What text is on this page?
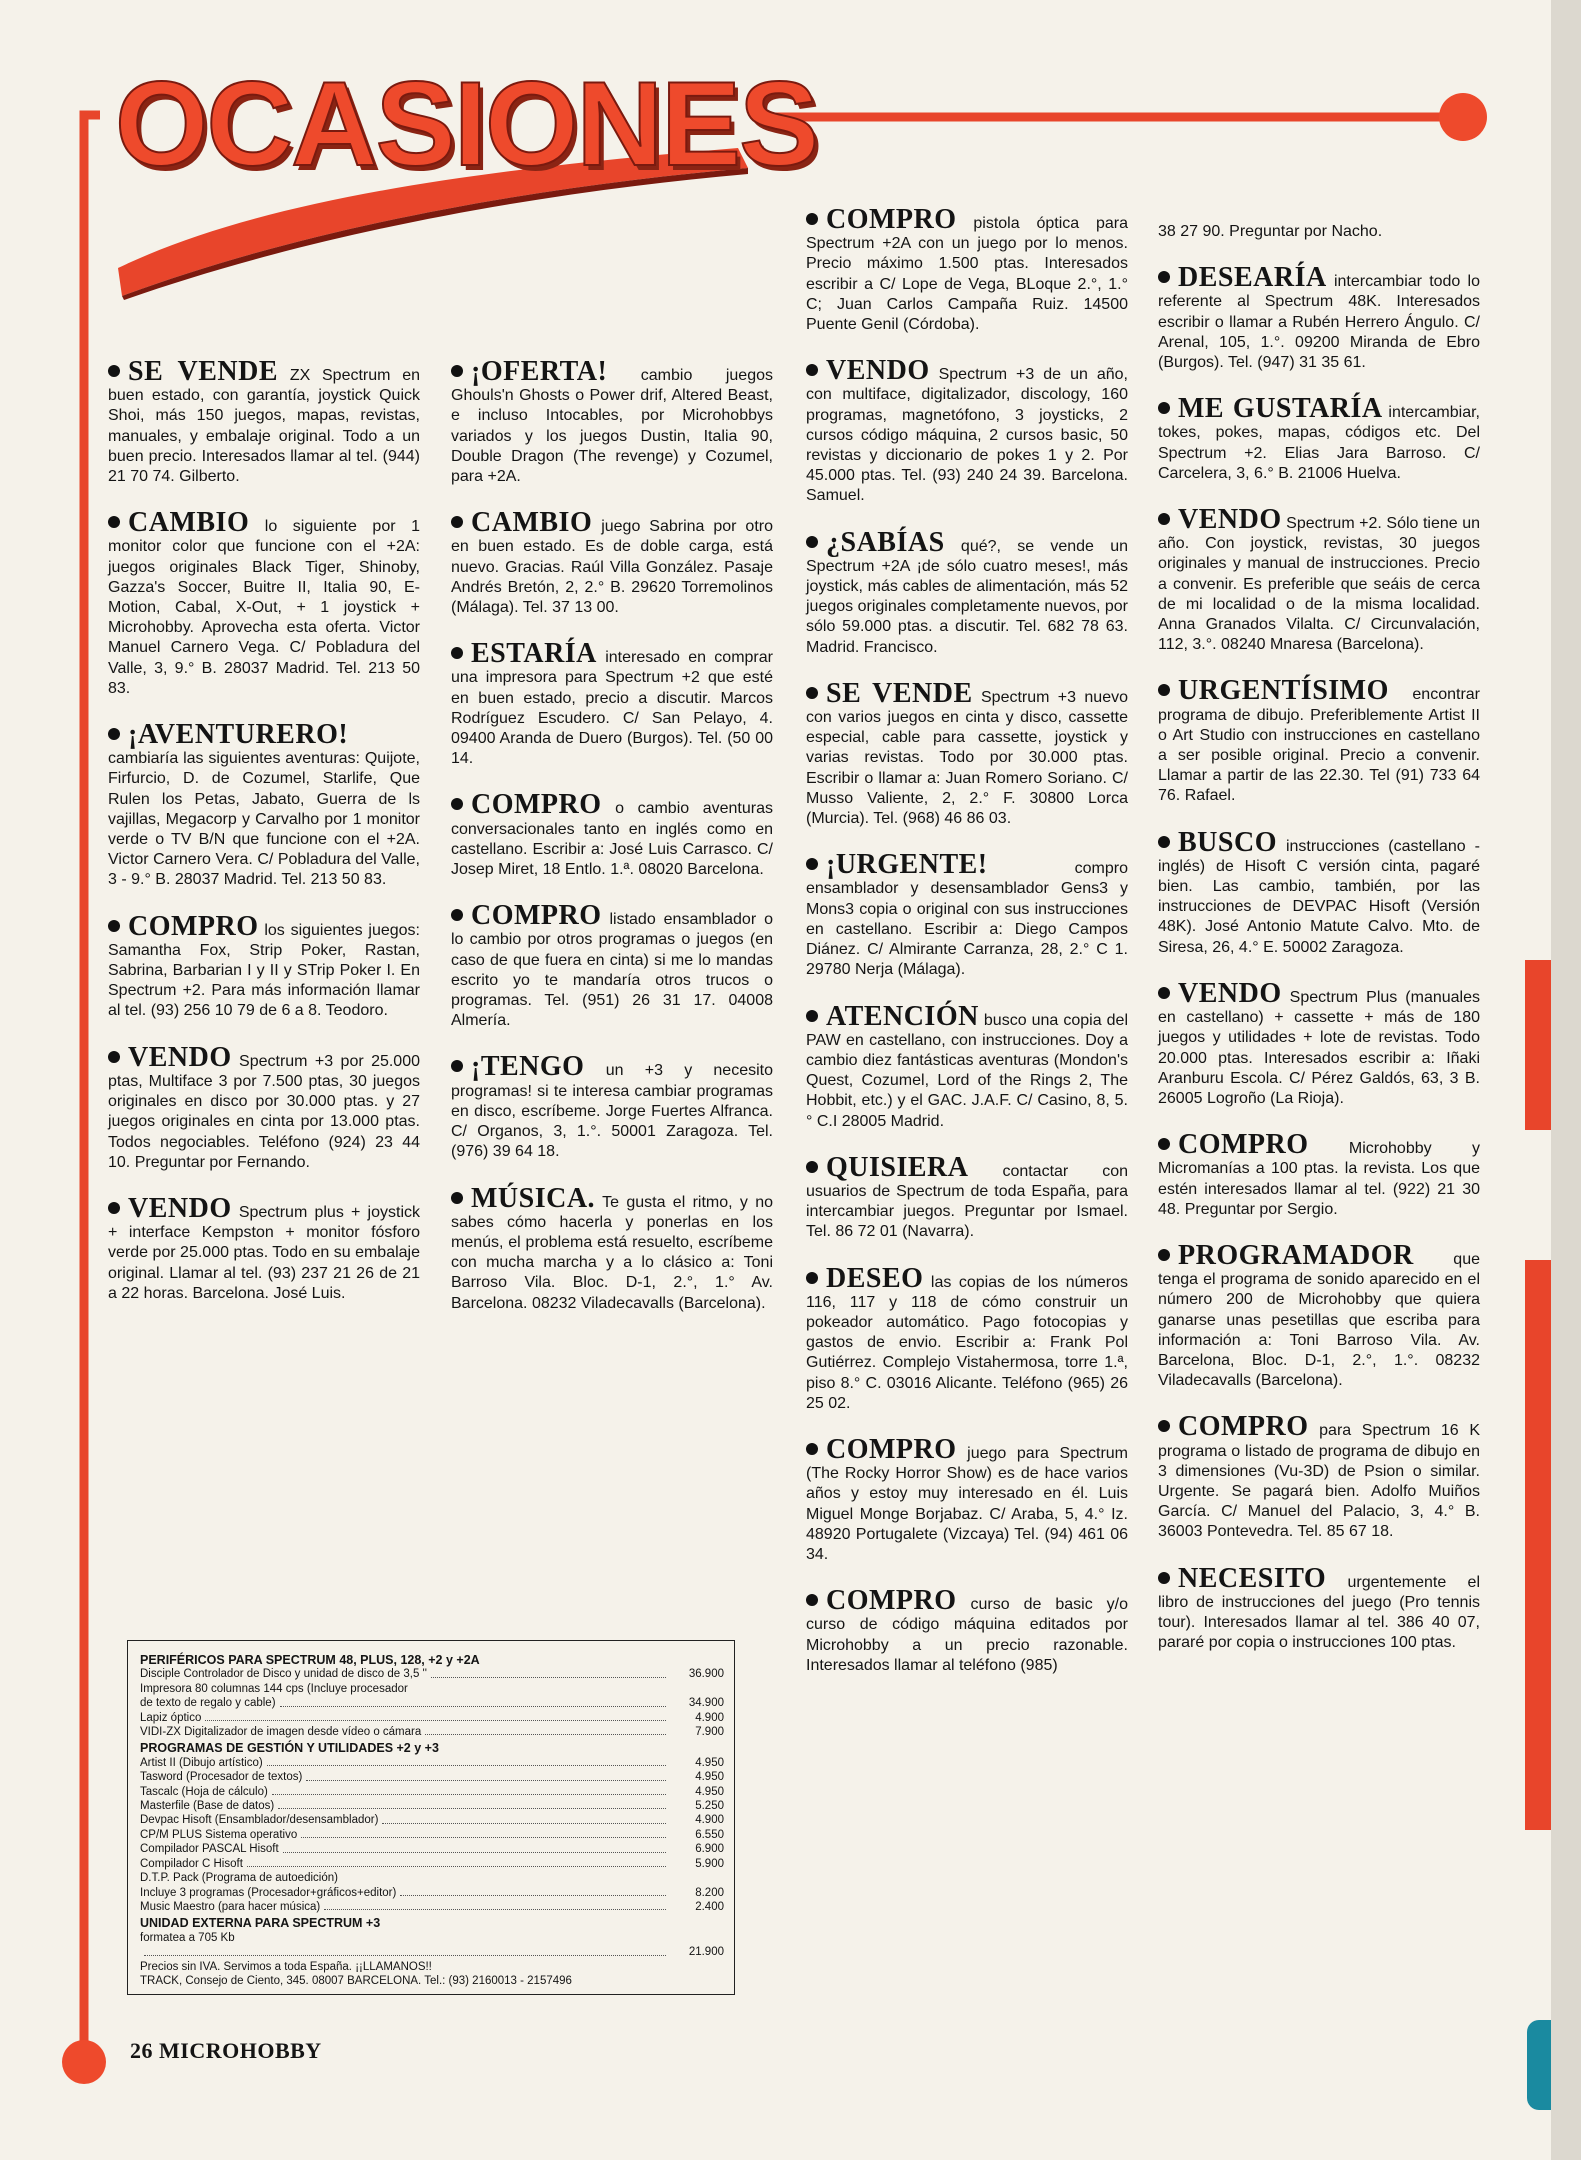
OCASIONES
SE VENDE ZX Spectrum en buen estado, con garantía, joystick Quick Shoi, más 150 juegos, mapas, revistas, manuales, y embalaje original. Todo a un buen precio. Interesados llamar al tel. (944) 21 70 74. Gilberto.
CAMBIO lo siguiente por 1 monitor color que funcione con el +2A: juegos originales Black Tiger, Shinoby, Gazza's Soccer, Buitre II, Italia 90, E-Motion, Cabal, X-Out, + 1 joystick + Microhobby. Aprovecha esta oferta. Victor Manuel Carnero Vega. C/ Pobladura del Valle, 3, 9.° B. 28037 Madrid. Tel. 213 50 83.
¡AVENTURERO! cambiaría las siguientes aventuras: Quijote, Firfurcio, D. de Cozumel, Starlife, Que Rulen los Petas, Jabato, Guerra de ls vajillas, Megacorp y Carvalho por 1 monitor verde o TV B/N que funcione con el +2A. Victor Carnero Vera. C/ Pobladura del Valle, 3 - 9.° B. 28037 Madrid. Tel. 213 50 83.
COMPRO los siguientes juegos: Samantha Fox, Strip Poker, Rastan, Sabrina, Barbarian I y II y STrip Poker I. En Spectrum +2. Para más información llamar al tel. (93) 256 10 79 de 6 a 8. Teodoro.
VENDO Spectrum +3 por 25.000 ptas, Multiface 3 por 7.500 ptas, 30 juegos originales en disco por 30.000 ptas. y 27 juegos originales en cinta por 13.000 ptas. Todos negociables. Teléfono (924) 23 44 10. Preguntar por Fernando.
VENDO Spectrum plus + joystick + interface Kempston + monitor fósforo verde por 25.000 ptas. Todo en su embalaje original. Llamar al tel. (93) 237 21 26 de 21 a 22 horas. Barcelona. José Luis.
¡OFERTA! cambio juegos Ghouls'n Ghosts o Power drif, Altered Beast, e incluso Intocables, por Microhobbys variados y los juegos Dustin, Italia 90, Double Dragon (The revenge) y Cozumel, para +2A.
CAMBIO juego Sabrina por otro en buen estado. Es de doble carga, está nuevo. Gracias. Raúl Villa González. Pasaje Andrés Bretón, 2, 2.° B. 29620 Torremolinos (Málaga). Tel. 37 13 00.
ESTARÍA interesado en comprar una impresora para Spectrum +2 que esté en buen estado, precio a discutir. Marcos Rodríguez Escudero. C/ San Pelayo, 4. 09400 Aranda de Duero (Burgos). Tel. (50 00 14.
COMPRO o cambio aventuras conversacionales tanto en inglés como en castellano. Escribir a: José Luis Carrasco. C/ Josep Miret, 18 Entlo. 1.ª. 08020 Barcelona.
COMPRO listado ensamblador o lo cambio por otros programas o juegos (en caso de que fuera en cinta) si me lo mandas escrito yo te mandaría otros trucos o programas. Tel. (951) 26 31 17. 04008 Almería.
¡TENGO un +3 y necesito programas! si te interesa cambiar programas en disco, escríbeme. Jorge Fuertes Alfranca. C/ Organos, 3, 1.°. 50001 Zaragoza. Tel. (976) 39 64 18.
MÚSICA. Te gusta el ritmo, y no sabes cómo hacerla y ponerlas en los menús, el problema está resuelto, escríbeme con mucha marcha y a lo clásico a: Toni Barroso Vila. Bloc. D-1, 2.°, 1.° Av. Barcelona. 08232 Viladecavalls (Barcelona).
COMPRO pistola óptica para Spectrum +2A con un juego por lo menos. Precio máximo 1.500 ptas. Interesados escribir a C/ Lope de Vega, BLoque 2.°, 1.° C; Juan Carlos Campaña Ruiz. 14500 Puente Genil (Córdoba).
VENDO Spectrum +3 de un año, con multiface, digitalizador, discology, 160 programas, magnetófono, 3 joysticks, 2 cursos código máquina, 2 cursos basic, 50 revistas y diccionario de pokes 1 y 2. Por 45.000 ptas. Tel. (93) 240 24 39. Barcelona. Samuel.
¿SABÍAS qué?, se vende un Spectrum +2A ¡de sólo cuatro meses!, más joystick, más cables de alimentación, más 52 juegos originales completamente nuevos, por sólo 59.000 ptas. a discutir. Tel. 682 78 63. Madrid. Francisco.
SE VENDE Spectrum +3 nuevo con varios juegos en cinta y disco, cassette especial, cable para cassette, joystick y varias revistas. Todo por 30.000 ptas. Escribir o llamar a: Juan Romero Soriano. C/ Musso Valiente, 2, 2.° F. 30800 Lorca (Murcia). Tel. (968) 46 86 03.
¡URGENTE!	compro ensamblador y desensamblador Gens3 y Mons3 copia o original con sus instrucciones en castellano. Escribir a: Diego Campos Diánez. C/ Almirante Carranza, 28, 2.° C 1. 29780 Nerja (Málaga).
ATENCIÓN busco una copia del PAW en castellano, con instrucciones. Doy a cambio diez fantásticas aventuras (Mondon's Quest, Cozumel, Lord of the Rings 2, The Hobbit, etc.) y el GAC. J.A.F. C/ Casino, 8, 5.° C.I 28005 Madrid.
QUISIERA contactar con usuarios de Spectrum de toda España, para intercambiar juegos. Preguntar por Ismael. Tel. 86 72 01 (Navarra).
DESEO las copias de los números 116, 117 y 118 de cómo construir un pokeador automático. Pago fotocopias y gastos de envio. Escribir a: Frank Pol Gutiérrez. Complejo Vistahermosa, torre 1.ª, piso 8.° C. 03016 Alicante. Teléfono (965) 26 25 02.
COMPRO juego para Spectrum (The Rocky Horror Show) es de hace varios años y estoy muy interesado en él. Luis Miguel Monge Borjabaz. C/ Araba, 5, 4.° Iz. 48920 Portugalete (Vizcaya) Tel. (94) 461 06 34.
COMPRO curso de basic y/o curso de código máquina editados por Microhobby a un precio razonable. Interesados llamar al teléfono (985)
38 27 90. Preguntar por Nacho.
DESEARÍA intercambiar todo lo referente al Spectrum 48K. Interesados escribir o llamar a Rubén Herrero Ángulo. C/ Arenal, 105, 1.°. 09200 Miranda de Ebro (Burgos). Tel. (947) 31 35 61.
ME GUSTARÍA intercambiar, tokes, pokes, mapas, códigos etc. Del Spectrum +2. Elias Jara Barroso. C/ Carcelera, 3, 6.° B. 21006 Huelva.
VENDO Spectrum +2. Sólo tiene un año. Con joystick, revistas, 30 juegos originales y manual de instrucciones. Precio a convenir. Es preferible que seáis de cerca de mi localidad o de la misma localidad. Anna Granados Vilalta. C/ Circunvalación, 112, 3.°. 08240 Mnaresa (Barcelona).
URGENTÍSIMO encontrar programa de dibujo. Preferiblemente Artist II o Art Studio con instrucciones en castellano a ser posible original. Precio a convenir. Llamar a partir de las 22.30. Tel (91) 733 64 76. Rafael.
BUSCO instrucciones (castellano - inglés) de Hisoft C versión cinta, pagaré bien. Las cambio, también, por las instrucciones de DEVPAC Hisoft (Versión 48K). José Antonio Matute Calvo. Mto. de Siresa, 26, 4.° E. 50002 Zaragoza.
VENDO Spectrum Plus (manuales en castellano) + cassette + más de 180 juegos y utilidades + lote de revistas. Todo 20.000 ptas. Interesados escribir a: Iñaki Aranburu Escola. C/ Pérez Galdós, 63, 3 B. 26005 Logroño (La Rioja).
COMPRO	Microhobby y Micromanías a 100 ptas. la revista. Los que estén interesados llamar al tel. (922) 21 30 48. Preguntar por Sergio.
PROGRAMADOR que tenga el programa de sonido aparecido en el número 200 de Microhobby que quiera ganarse unas pesetillas que escriba para información a: Toni Barroso Vila. Av. Barcelona, Bloc. D-1, 2.°, 1.°. 08232 Viladecavalls (Barcelona).
COMPRO para Spectrum 16 K programa o listado de programa de dibujo en 3 dimensiones (Vu-3D) de Psion o similar. Urgente. Se pagará bien. Adolfo Muiños García. C/ Manuel del Palacio, 3, 4.° B. 36003 Pontevedra. Tel. 85 67 18.
NECESITO urgentemente el libro de instrucciones del juego (Pro tennis tour). Interesados llamar al tel. 386 40 07, pararé por copia o instrucciones 100 ptas.
PERIFÉRICOS PARA SPECTRUM 48, PLUS, 128, +2 y +2A
Disciple Controlador de Disco y unidad de disco de 3,5 ''	36.900
Impresora 80 columnas 144 cps (Incluye procesador
de texto de regalo y cable)	34.900
Lapiz óptico	4.900
VIDI-ZX Digitalizador de imagen desde vídeo o cámara	7.900
PROGRAMAS DE GESTIÓN Y UTILIDADES +2 y +3
Artist II (Dibujo artístico)	4.950
Tasword (Procesador de textos)	4.950
Tascalc (Hoja de cálculo)	4.950
Masterfile (Base de datos)	5.250
Devpac Hisoft (Ensamblador/desensamblador)	4.900
CP/M PLUS Sistema operativo	6.550
Compilador PASCAL Hisoft	6.900
Compilador C Hisoft	5.900
D.T.P. Pack (Programa de autoedición)
Incluye 3 programas (Procesador+gráficos+editor)	8.200
Music Maestro (para hacer música)	2.400
UNIDAD EXTERNA PARA SPECTRUM +3
formatea a 705 Kb
21.900
Precios sin IVA. Servimos a toda España. ¡¡LLAMANOS!!
TRACK, Consejo de Ciento, 345. 08007 BARCELONA. Tel.: (93) 2160013 - 2157496
26 MICROHOBBY
